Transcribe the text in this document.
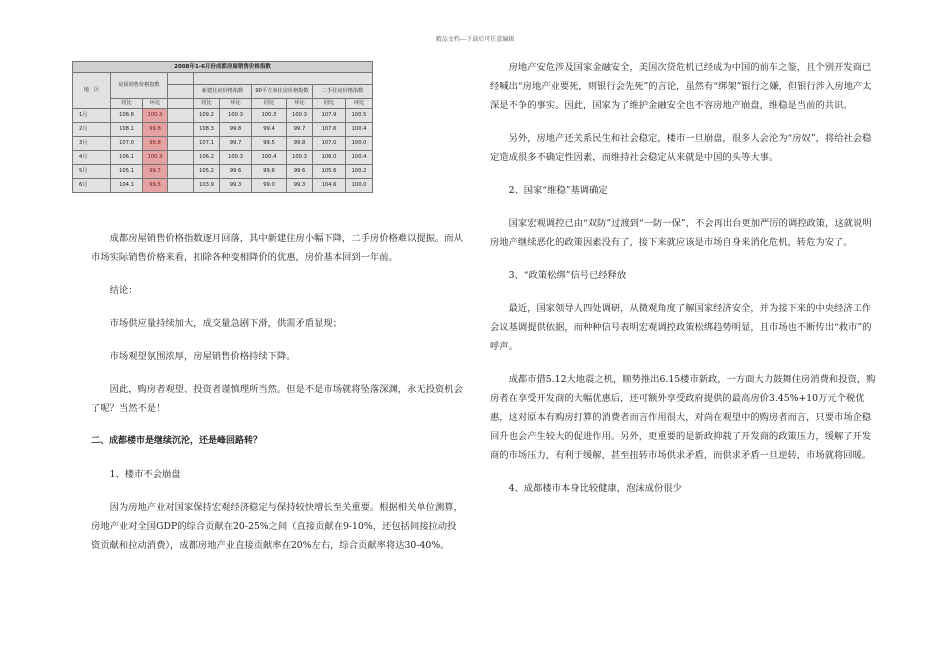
精品文档---下载后可任意编辑
2008年1-6月份成都房屋销售价格指数									
地　区	房屋销售价格指数								
				新建住房价格指数		90平方米住房价格指数		二手住房价格指数	
	同比	环比		同比	环比	同比	环比	同比	环比
1月	108.8	100.3		109.2	100.3	100.3	100.3	107.9	100.5
2月	108.1	99.8		108.3	99.8	99.4	99.7	107.6	100.4
3月	107.0	99.8		107.1	99.7	99.5	99.8	107.0	100.0
4月	106.1	100.3		106.2	100.3	100.4	100.3	106.0	100.4
5月	105.1	99.7		105.2	99.6	99.6	99.6	105.6	100.2
6月	104.1	99.5		103.9	99.3	99.0	99.3	104.6	100.0

成都房屋销售价格指数逐月回落，其中新建住房小幅下降，二手房价格难以提振。而从市场实际销售价格来看，扣除各种变相降价的优惠，房价基本回到一年前。

结论：

市场供应量持续加大，成交量急剧下滑，供需矛盾显现；

市场观望氛围浓厚，房屋销售价格持续下降。

因此，购房者观望、投资者谨慎理所当然。但是不是市场就将坠落深渊，永无投资机会了呢？当然不是！

二、成都楼市是继续沉沦，还是峰回路转？

1、楼市不会崩盘

因为房地产业对国家保持宏观经济稳定与保持较快增长至关重要。根据相关单位测算，房地产业对全国GDP的综合贡献在20-25%之间（直接贡献在9-10%，还包括间接拉动投资贡献和拉动消费），成都房地产业直接贡献率在20%左右，综合贡献率将达30-40%。

房地产安危涉及国家金融安全，美国次贷危机已经成为中国的前车之鉴，且个别开发商已经喊出“房地产业要死，则银行会先死”的言论，虽然有“绑架”银行之嫌，但银行涉入房地产太深是不争的事实。因此，国家为了维护金融安全也不容房地产崩盘，维稳是当前的共识。

另外，房地产还关系民生和社会稳定，楼市一旦崩盘，很多人会沦为“房奴”，将给社会稳定造成很多不确定性因素，而维持社会稳定从来就是中国的头等大事。

2、国家“维稳”基调确定

国家宏观调控已由“双防”过渡到“一防一保”，不会再出台更加严厉的调控政策，这就说明房地产继续恶化的政策因素没有了，接下来就应该是市场自身来消化危机，转危为安了。

3、“政策松绑”信号已经释放

最近，国家领导人四处调研，从微观角度了解国家经济安全，并为接下来的中央经济工作会议基调提供依据，而种种信号表明宏观调控政策松绑趋势明显，且市场也不断传出“救市”的呼声。

成都市借5.12大地震之机，顺势推出6.15楼市新政，一方面大力鼓舞住房消费和投资，购房者在享受开发商的大幅优惠后，还可额外享受政府提供的最高房价3.45%+10万元个税优惠，这对原本有购房打算的消费者而言作用很大，对尚在观望中的购房者而言，只要市场企稳回升也会产生较大的促进作用。另外，更重要的是新政抑载了开发商的政策压力，缓解了开发商的市场压力，有利于缓解，甚至扭转市场供求矛盾，而供求矛盾一旦逆转，市场就将回暖。

4、成都楼市本身比较健康，泡沫成份很少
